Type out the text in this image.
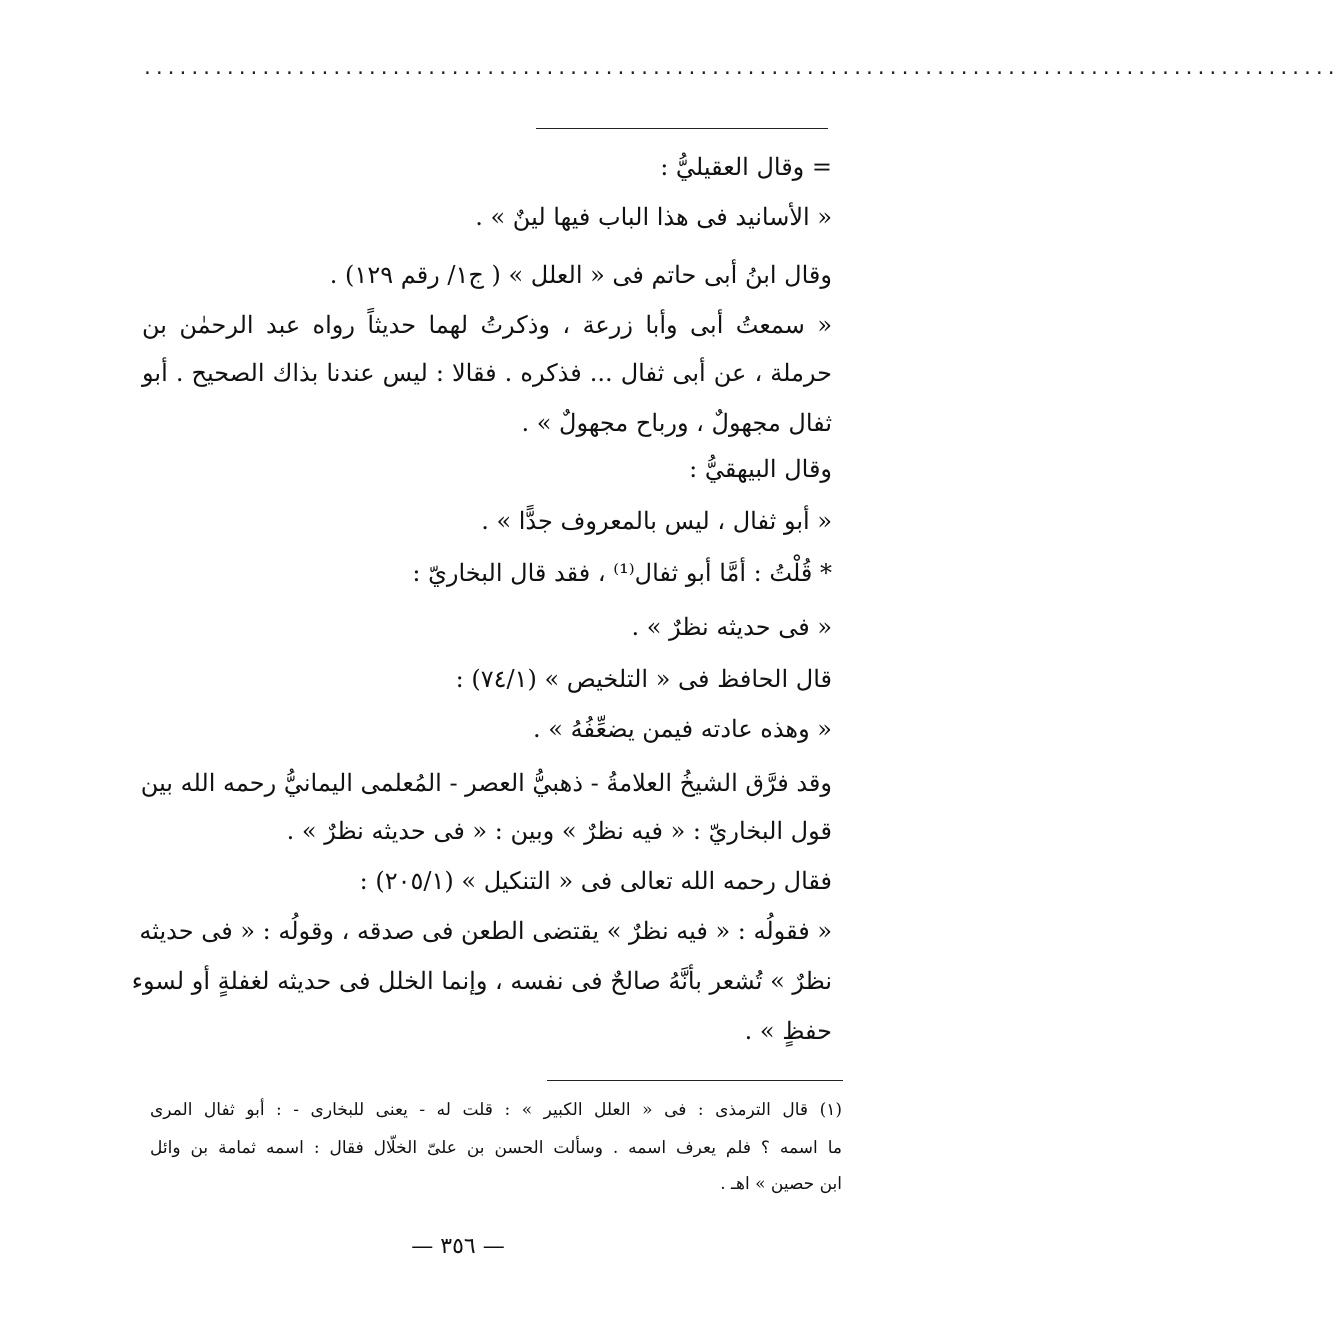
.....................................................................................................
= وقال العقيليُّ :
« الأسانيد فى هذا الباب فيها لينٌ » .
وقال ابنُ أبى حاتم فى « العلل » ( ج١/ رقم ١٢٩) .
« سمعتُ أبى وأبا زرعة ، وذكرتُ لهما حديثاً رواه عبد الرحمٰن بن
حرملة ، عن أبى ثفال ... فذكره . فقالا : ليس عندنا بذاك الصحيح . أبو
ثفال مجهولٌ ، ورباح مجهولٌ » .
وقال البيهقيُّ :
« أبو ثفال ، ليس بالمعروف جدًّا » .
* قُلْتُ : أمَّا أبو ثفال⁽¹⁾ ، فقد قال البخاريّ :
« فى حديثه نظرٌ » .
قال الحافظ فى « التلخيص » (٧٤/١) :
« وهذه عادته فيمن يضعِّفُهُ » .
وقد فرَّق الشيخُ العلامةُ - ذهبيُّ العصر - المُعلمى اليمانيُّ رحمه الله بين
قول البخاريّ : « فيه نظرٌ » وبين : « فى حديثه نظرٌ » .
فقال رحمه الله تعالى فى « التنكيل » (٢٠٥/١) :
« فقولُه : « فيه نظرٌ » يقتضى الطعن فى صدقه ، وقولُه : « فى حديثه
نظرٌ » تُشعر بأنَّهُ صالحٌ فى نفسه ، وإنما الخلل فى حديثه لغفلةٍ أو لسوء
حفظٍ » .
(١) قال الترمذى : فى « العلل الكبير » : قلت له - يعنى للبخارى - : أبو ثفال المرى
ما اسمه ؟ فلم يعرف اسمه . وسألت الحسن بن علىّ الخلّال فقال : اسمه ثمامة بن وائل
ابن حصين » اهـ .
— ٣٥٦ —
